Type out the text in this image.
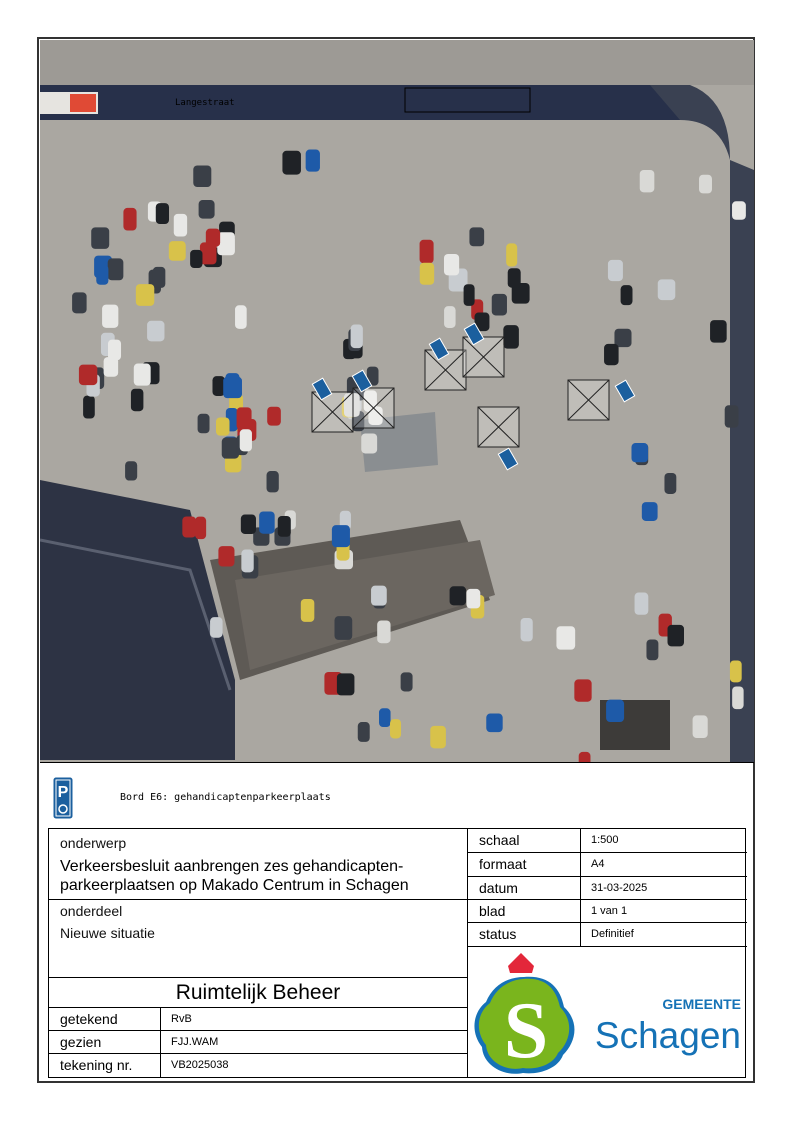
Langestraat
P	Bord E6: gehandicaptenparkeerplaats
onderwerp
Verkeersbesluit aanbrengen zes gehandicapten-
parkeerplaatsen op Makado Centrum in Schagen
onderdeel
Nieuwe situatie
Ruimtelijk Beheer
getekend	RvB
gezien	FJJ.WAM
tekening nr.	VB2025038
schaal	1:500
formaat	A4
datum	31-03-2025
blad	1 van 1
status	Definitief
S	GEMEENTE
Schagen
